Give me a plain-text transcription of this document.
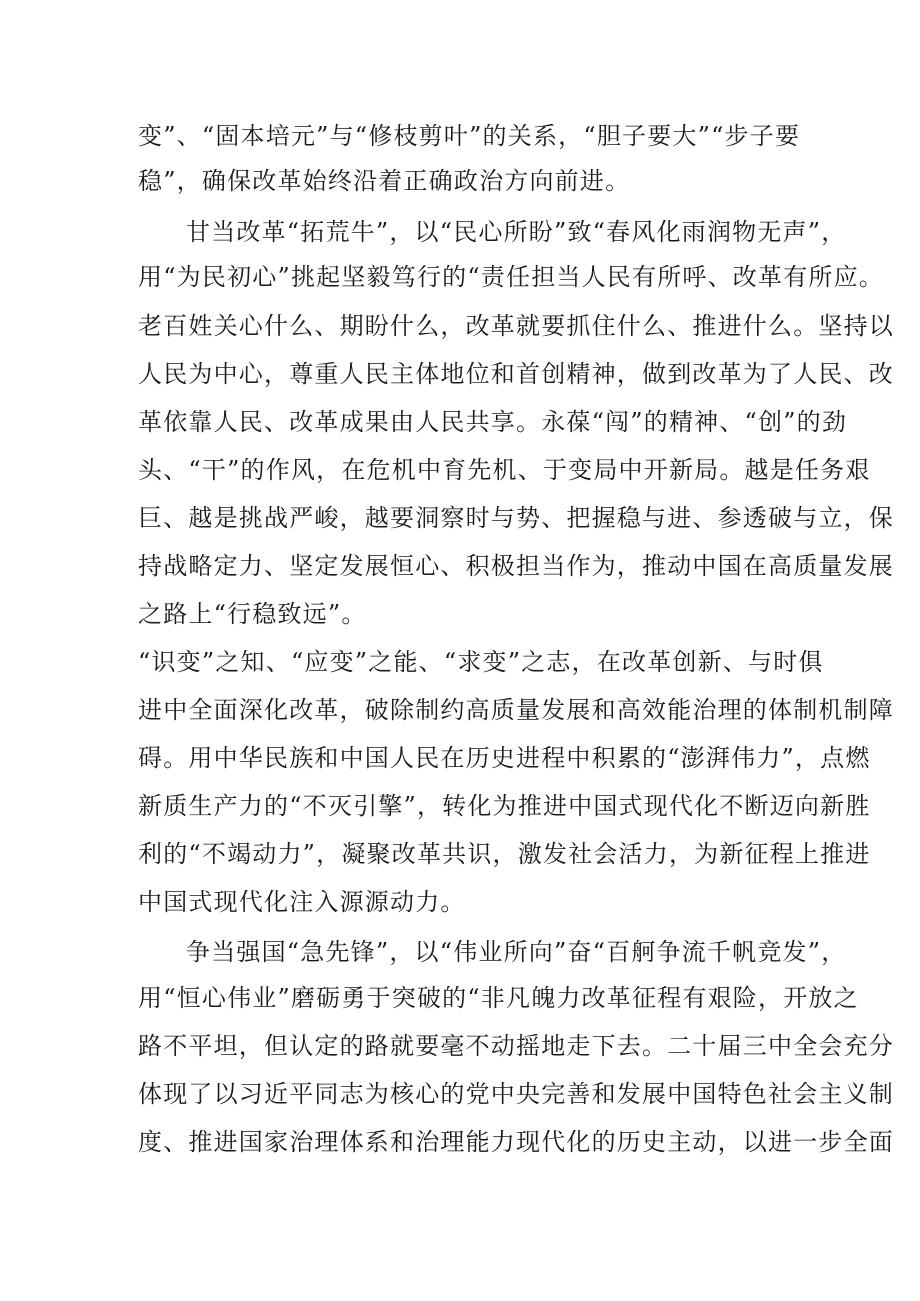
变”、“固本培元”与“修枝剪叶”的关系，“胆子要大”“步子要
稳”，确保改革始终沿着正确政治方向前进。
甘当改革“拓荒牛”，以“民心所盼”致“春风化雨润物无声”，
用“为民初心”挑起坚毅笃行的“责任担当人民有所呼、改革有所应。
老百姓关心什么、期盼什么，改革就要抓住什么、推进什么。坚持以
人民为中心，尊重人民主体地位和首创精神，做到改革为了人民、改
革依靠人民、改革成果由人民共享。永葆“闯”的精神、“创”的劲
头、“干”的作风，在危机中育先机、于变局中开新局。越是任务艰
巨、越是挑战严峻，越要洞察时与势、把握稳与进、参透破与立，保
持战略定力、坚定发展恒心、积极担当作为，推动中国在高质量发展
之路上“行稳致远”。
“识变”之知、“应变”之能、“求变”之志，在改革创新、与时俱
进中全面深化改革，破除制约高质量发展和高效能治理的体制机制障
碍。用中华民族和中国人民在历史进程中积累的“澎湃伟力”，点燃
新质生产力的“不灭引擎”，转化为推进中国式现代化不断迈向新胜
利的“不竭动力”，凝聚改革共识，激发社会活力，为新征程上推进
中国式现代化注入源源动力。
争当强国“急先锋”，以“伟业所向”奋“百舸争流千帆竞发”，
用“恒心伟业”磨砺勇于突破的“非凡魄力改革征程有艰险，开放之
路不平坦，但认定的路就要毫不动摇地走下去。二十届三中全会充分
体现了以习近平同志为核心的党中央完善和发展中国特色社会主义制
度、推进国家治理体系和治理能力现代化的历史主动，以进一步全面
